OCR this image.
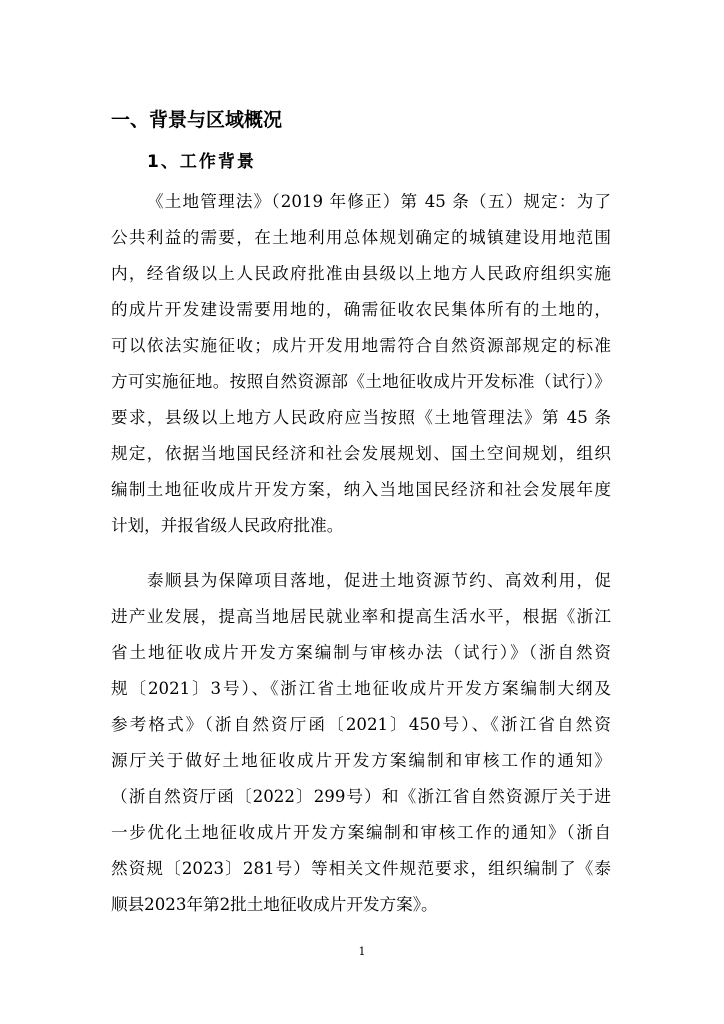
一、背景与区域概况
1、工作背景
《土地管理法》（2019 年修正）第 45 条（五）规定：为了
公共利益的需要，在土地利用总体规划确定的城镇建设用地范围
内，经省级以上人民政府批准由县级以上地方人民政府组织实施
的成片开发建设需要用地的，确需征收农民集体所有的土地的，
可以依法实施征收；成片开发用地需符合自然资源部规定的标准
方可实施征地。按照自然资源部《土地征收成片开发标准（试行）》
要求，县级以上地方人民政府应当按照《土地管理法》第 45 条
规定，依据当地国民经济和社会发展规划、国土空间规划，组织
编制土地征收成片开发方案，纳入当地国民经济和社会发展年度
计划，并报省级人民政府批准。
泰顺县为保障项目落地，促进土地资源节约、高效利用，促
进产业发展，提高当地居民就业率和提高生活水平，根据《浙江
省土地征收成片开发方案编制与审核办法（试行）》（浙自然资
规〔2021〕3号）、《浙江省土地征收成片开发方案编制大纲及
参考格式》（浙自然资厅函〔2021〕450号）、《浙江省自然资
源厅关于做好土地征收成片开发方案编制和审核工作的通知》
（浙自然资厅函〔2022〕299号）和《浙江省自然资源厅关于进
一步优化土地征收成片开发方案编制和审核工作的通知》（浙自
然资规〔2023〕281号）等相关文件规范要求，组织编制了《泰
顺县2023年第2批土地征收成片开发方案》。
1
